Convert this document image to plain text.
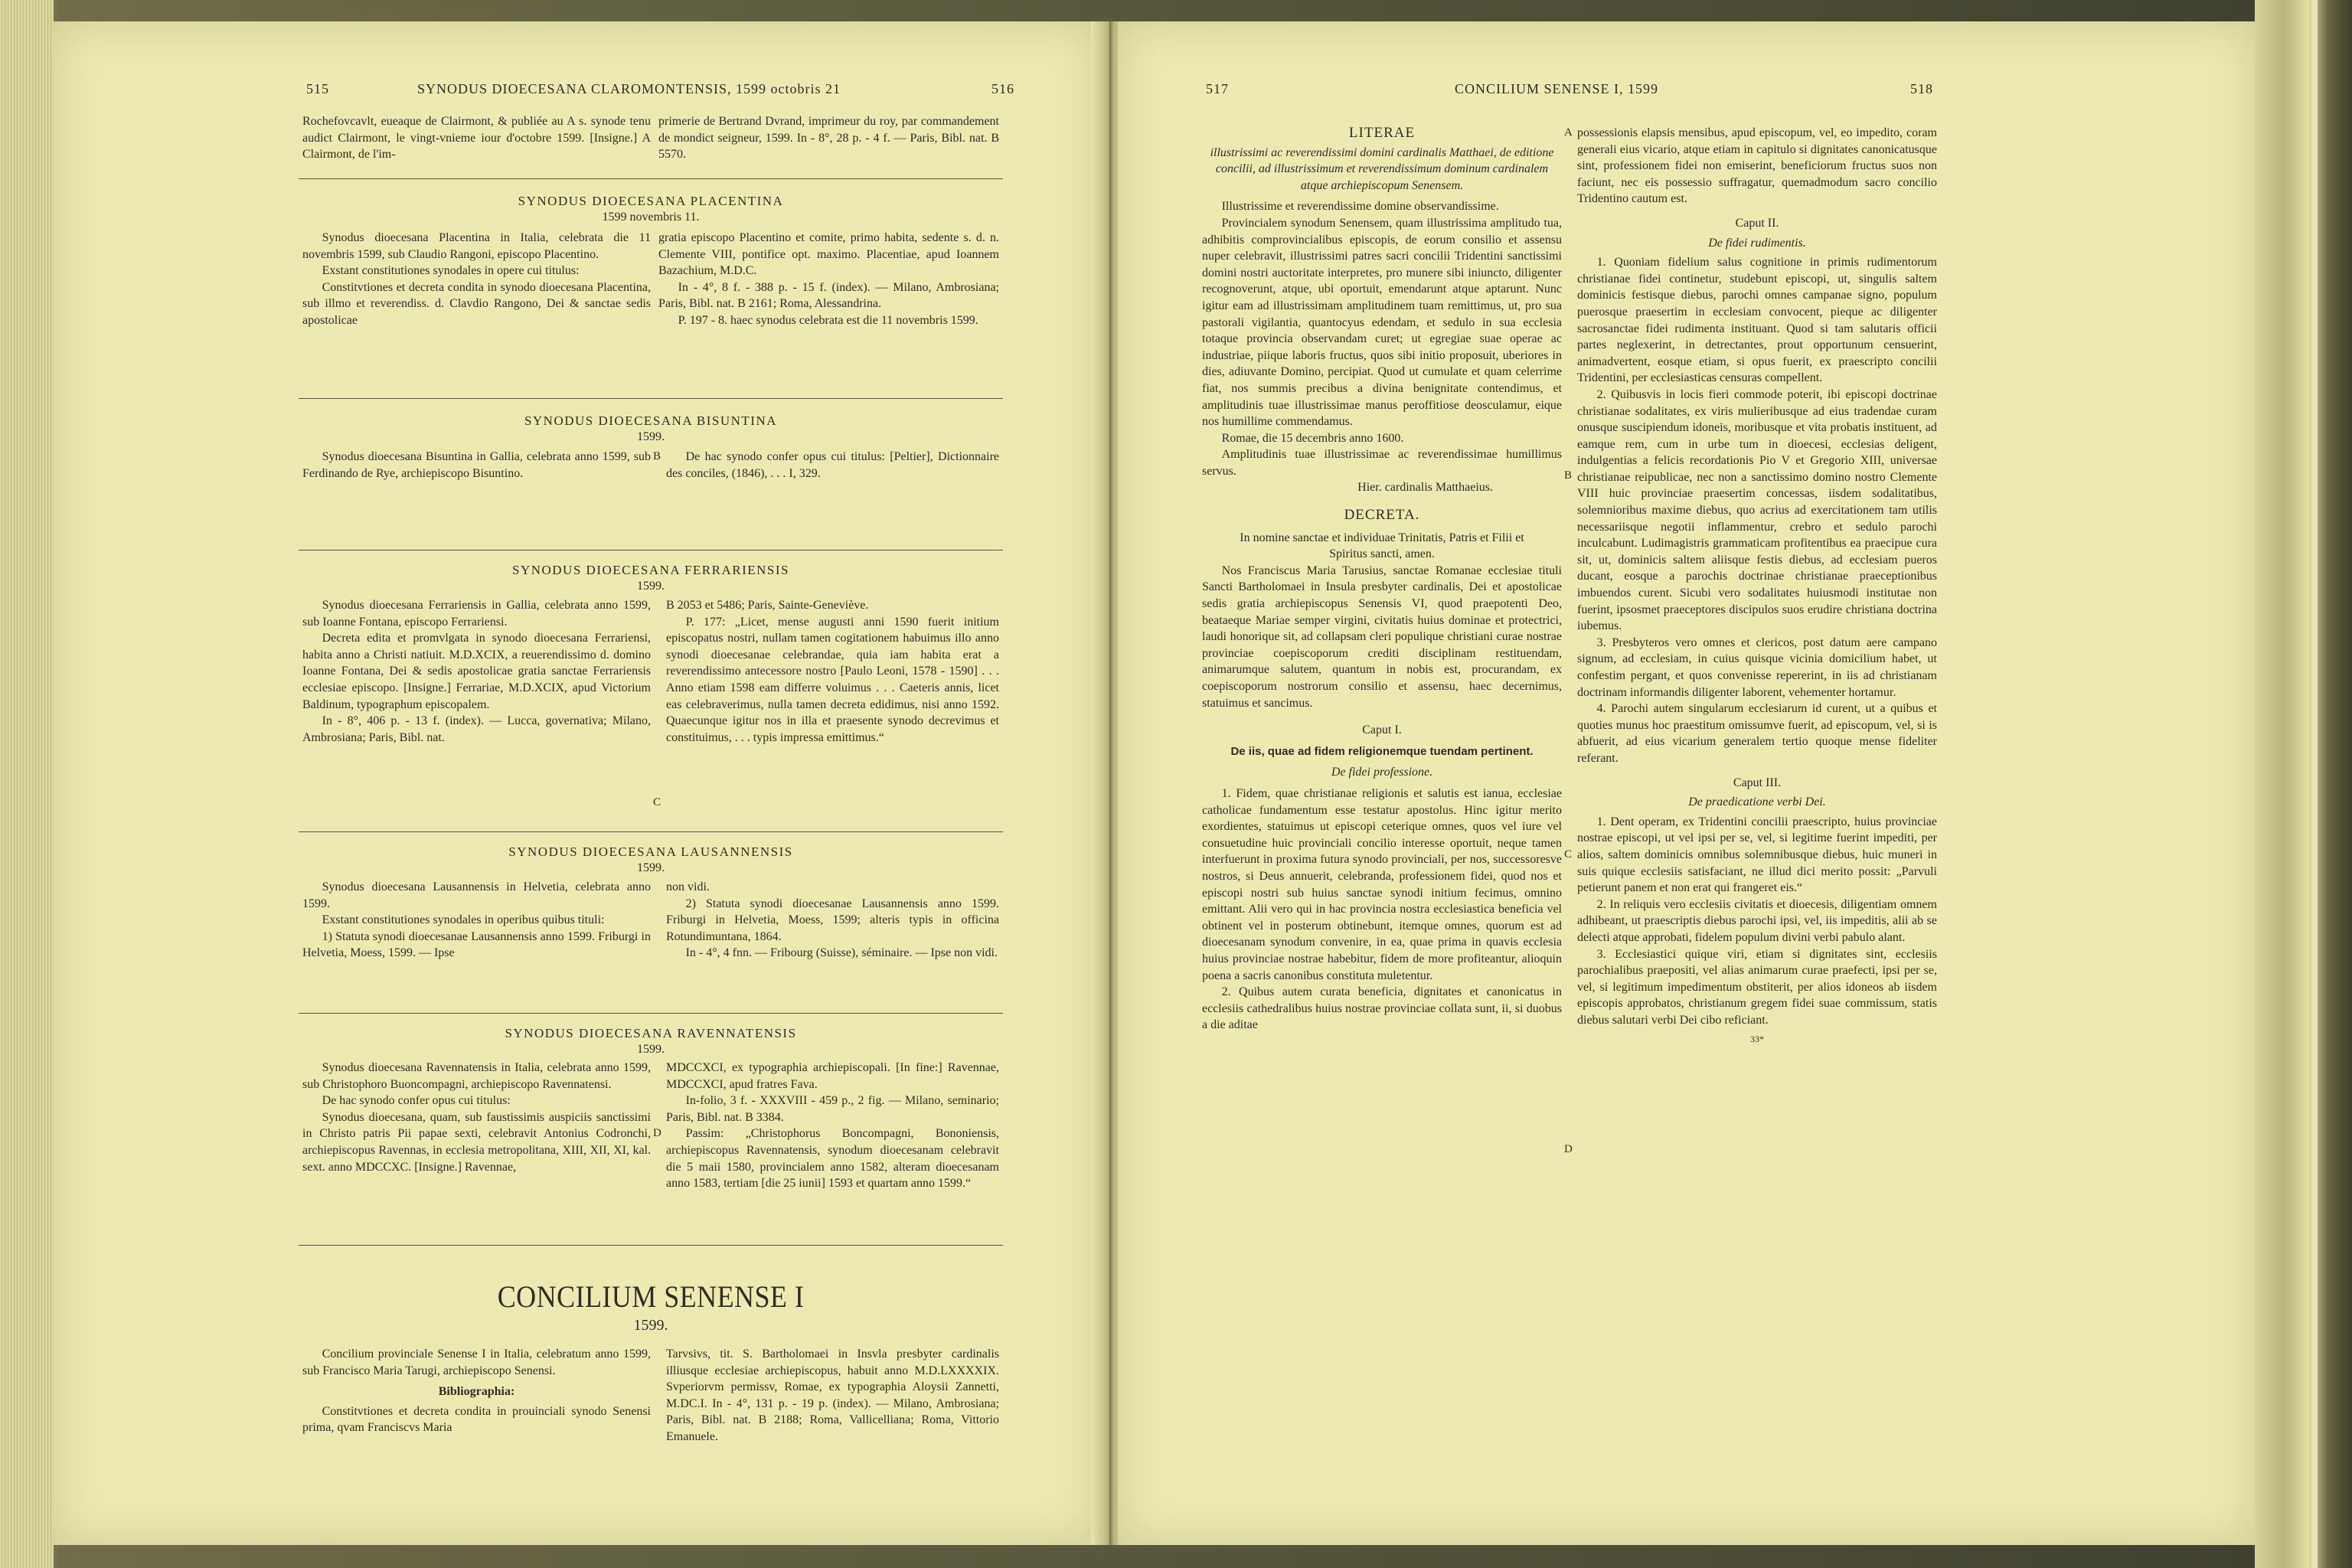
515	SYNODUS DIOECESANA CLAROMONTENSIS, 1599 octobris 21	516
Rochefovcavlt, eueaque de Clairmont, & publiée au A s. synode tenu audict Clairmont, le vingt-vnieme iour d'octobre 1599. [Insigne.] A Clairmont, de l'im-
primerie de Bertrand Dvrand, imprimeur du roy, par commandement de mondict seigneur, 1599. In - 8°, 28 p. - 4 f. — Paris, Bibl. nat. B 5570.
SYNODUS DIOECESANA PLACENTINA
1599 novembris 11.

Synodus dioecesana Placentina in Italia, celebrata die 11 novembris 1599, sub Claudio Rangoni, episcopo Placentino.

Exstant constitutiones synodales in opere cui titulus:

Constitvtiones et decreta condita in synodo dioecesana Placentina, sub illmo et reverendiss. d. Clavdio Rangono, Dei & sanctae sedis apostolicae

gratia episcopo Placentino et comite, primo habita, sedente s. d. n. Clemente VIII, pontifice opt. maximo. Placentiae, apud Ioannem Bazachium, M.D.C.

In - 4°, 8 f. - 388 p. - 15 f. (index). — Milano, Ambrosiana; Paris, Bibl. nat. B 2161; Roma, Alessandrina.

P. 197 - 8. haec synodus celebrata est die 11 novembris 1599.

SYNODUS DIOECESANA BISUNTINA
1599.

Synodus dioecesana Bisuntina in Gallia, celebrata anno 1599, sub Ferdinando de Rye, archiepiscopo Bisuntino.

B	De hac synodo confer opus cui titulus: [Peltier], Dictionnaire des conciles, (1846), . . . I, 329.

SYNODUS DIOECESANA FERRARIENSIS
1599.

Synodus dioecesana Ferrariensis in Gallia, celebrata anno 1599, sub Ioanne Fontana, episcopo Ferrariensi.

Decreta edita et promvlgata in synodo dioecesana Ferrariensi, habita anno a Christi natiuit. M.D.XCIX, a reuerendissimo d. domino Ioanne Fontana, Dei & sedis apostolicae gratia sanctae Ferrariensis ecclesiae episcopo. [Insigne.] Ferrariae, M.D.XCIX, apud Victorium Baldinum, typographum episcopalem.

In - 8°, 406 p. - 13 f. (index). — Lucca, governativa; Milano, Ambrosiana; Paris, Bibl. nat.

C

B 2053 et 5486; Paris, Sainte-Geneviève.

P. 177: „Licet, mense augusti anni 1590 fuerit initium episcopatus nostri, nullam tamen cogitationem habuimus illo anno synodi dioecesanae celebrandae, quia iam habita erat a reverendissimo antecessore nostro [Paulo Leoni, 1578 - 1590] . . . Anno etiam 1598 eam differre voluimus . . . Caeteris annis, licet eas celebraverimus, nulla tamen decreta edidimus, nisi anno 1592. Quaecunque igitur nos in illa et praesente synodo decrevimus et constituimus, . . . typis impressa emittimus.“

SYNODUS DIOECESANA LAUSANNENSIS
1599.

Synodus dioecesana Lausannensis in Helvetia, celebrata anno 1599.

Exstant constitutiones synodales in operibus quibus tituli:

1) Statuta synodi dioecesanae Lausannensis anno 1599. Friburgi in Helvetia, Moess, 1599. — Ipse

non vidi.

2) Statuta synodi dioecesanae Lausannensis anno 1599. Friburgi in Helvetia, Moess, 1599; alteris typis in officina Rotundimuntana, 1864.

In - 4°, 4 fnn. — Fribourg (Suisse), séminaire. — Ipse non vidi.

SYNODUS DIOECESANA RAVENNATENSIS
1599.

Synodus dioecesana Ravennatensis in Italia, celebrata anno 1599, sub Christophoro Buoncompagni, archiepiscopo Ravennatensi.

De hac synodo confer opus cui titulus:

Synodus dioecesana, quam, sub faustissimis auspiciis sanctissimi in Christo patris Pii papae sexti, celebravit Antonius Codronchi, archiepiscopus Ravennas, in ecclesia metropolitana, XIII, XII, XI, kal. sext. anno MDCCXC. [Insigne.] Ravennae,

D

MDCCXCI, ex typographia archiepiscopali. [In fine:] Ravennae, MDCCXCI, apud fratres Fava.

In-folio, 3 f. - XXXVIII - 459 p., 2 fig. — Milano, seminario; Paris, Bibl. nat. B 3384.

Passim: „Christophorus Boncompagni, Bononiensis, archiepiscopus Ravennatensis, synodum dioecesanam celebravit die 5 maii 1580, provincialem anno 1582, alteram dioecesanam anno 1583, tertiam [die 25 iunii] 1593 et quartam anno 1599.“

CONCILIUM SENENSE I
1599.

Concilium provinciale Senense I in Italia, celebratum anno 1599, sub Francisco Maria Tarugi, archiepiscopo Senensi.

Bibliographia:

Constitvtiones et decreta condita in prouinciali synodo Senensi prima, qvam Franciscvs Maria

Tarvsivs, tit. S. Bartholomaei in Insvla presbyter cardinalis illiusque ecclesiae archiepiscopus, habuit anno M.D.LXXXXIX. Svperiorvm permissv, Romae, ex typographia Aloysii Zannetti, M.DC.I. In - 4°, 131 p. - 19 p. (index). — Milano, Ambrosiana; Paris, Bibl. nat. B 2188; Roma, Vallicelliana; Roma, Vittorio Emanuele.

517	CONCILIUM SENENSE I, 1599	518

LITERAE

illustrissimi ac reverendissimi domini cardinalis Matthaei, de editione concilii, ad illustrissimum et reverendissimum dominum cardinalem atque archiepiscopum Senensem.

Illustrissime et reverendissime domine observandissime.

Provincialem synodum Senensem, quam illustrissima amplitudo tua, adhibitis comprovincialibus episcopis, de eorum consilio et assensu nuper celebravit, illustrissimi patres sacri concilii Tridentini sanctissimi domini nostri auctoritate interpretes, pro munere sibi iniuncto, diligenter recognoverunt, atque, ubi oportuit, emendarunt atque aptarunt. Nunc igitur eam ad illustrissimam amplitudinem tuam remittimus, ut, pro sua pastorali vigilantia, quantocyus edendam, et sedulo in sua ecclesia totaque provincia observandam curet; ut egregiae suae operae ac industriae, piique laboris fructus, quos sibi initio proposuit, uberiores in dies, adiuvante Domino, percipiat. Quod ut cumulate et quam celerrime fiat, nos summis precibus a divina benignitate contendimus, et amplitudinis tuae illustrissimae manus peroffitiose deosculamur, eique nos humillime commendamus.

Romae, die 15 decembris anno 1600.

Amplitudinis tuae illustrissimae ac reverendissimae humillimus servus.

Hier. cardinalis Matthaeius.

DECRETA.

In nomine sanctae et individuae Trinitatis, Patris et Filii et Spiritus sancti, amen.

Nos Franciscus Maria Tarusius, sanctae Romanae ecclesiae tituli Sancti Bartholomaei in Insula presbyter cardinalis, Dei et apostolicae sedis gratia archiepiscopus Senensis VI, quod praepotenti Deo, beataeque Mariae semper virgini, civitatis huius dominae et protectrici, laudi honorique sit, ad collapsam cleri populique christiani curae nostrae provinciae coepiscoporum crediti disciplinam restituendam, animarumque salutem, quantum in nobis est, procurandam, ex coepiscoporum nostrorum consilio et assensu, haec decernimus, statuimus et sancimus.

Caput I.

De iis, quae ad fidem religionemque tuendam pertinent.

De fidei professione.

1. Fidem, quae christianae religionis et salutis est ianua, ecclesiae catholicae fundamentum esse testatur apostolus. Hinc igitur merito exordientes, statuimus ut episcopi ceterique omnes, quos vel iure vel consuetudine huic provinciali concilio interesse oportuit, neque tamen interfuerunt in proxima futura synodo provinciali, per nos, successoresve nostros, si Deus annuerit, celebranda, professionem fidei, quod nos et episcopi nostri sub huius sanctae synodi initium fecimus, omnino emittant. Alii vero qui in hac provincia nostra ecclesiastica beneficia vel obtinent vel in posterum obtinebunt, itemque omnes, quorum est ad dioecesanam synodum convenire, in ea, quae prima in quavis ecclesia huius provinciae nostrae habebitur, fidem de more profiteantur, alioquin poena a sacris canonibus constituta muletentur.

2. Quibus autem curata beneficia, dignitates et canonicatus in ecclesiis cathedralibus huius nostrae provinciae collata sunt, ii, si duobus a die aditae

B
C
D
A possessionis elapsis mensibus, apud episcopum, vel, eo impedito, coram generali eius vicario, atque etiam in capitulo si dignitates canonicatusque sint, professionem fidei non emiserint, beneficiorum fructus suos non faciunt, nec eis possessio suffragatur, quemadmodum sacro concilio Tridentino cautum est.

Caput II.

De fidei rudimentis.

1. Quoniam fidelium salus cognitione in primis rudimentorum christianae fidei continetur, studebunt episcopi, ut, singulis saltem dominicis festisque diebus, parochi omnes campanae signo, populum puerosque praesertim in ecclesiam convocent, pieque ac diligenter sacrosanctae fidei rudimenta instituant. Quod si tam salutaris officii partes neglexerint, in detrectantes, prout opportunum censuerint, animadvertent, eosque etiam, si opus fuerit, ex praescripto concilii Tridentini, per ecclesiasticas censuras compellent.

2. Quibusvis in locis fieri commode poterit, ibi episcopi doctrinae christianae sodalitates, ex viris mulieribusque ad eius tradendae curam onusque suscipiendum idoneis, moribusque et vita probatis instituent, ad eamque rem, cum in urbe tum in dioecesi, ecclesias deligent, indulgentias a felicis recordationis Pio V et Gregorio XIII, universae christianae reipublicae, nec non a sanctissimo domino nostro Clemente VIII huic provinciae praesertim concessas, iisdem sodalitatibus, solemnioribus maxime diebus, quo acrius ad exercitationem tam utilis necessariisque negotii inflammentur, crebro et sedulo parochi inculcabunt. Ludimagistris grammaticam profitentibus ea praecipue cura sit, ut, dominicis saltem aliisque festis diebus, ad ecclesiam pueros ducant, eosque a parochis doctrinae christianae praeceptionibus imbuendos curent. Sicubi vero sodalitates huiusmodi institutae non fuerint, ipsosmet praeceptores discipulos suos erudire christiana doctrina iubemus.

3. Presbyteros vero omnes et clericos, post datum aere campano signum, ad ecclesiam, in cuius quisque vicinia domicilium habet, ut confestim pergant, et quos convenisse repererint, in iis ad christianam doctrinam informandis diligenter laborent, vehementer hortamur.

4. Parochi autem singularum ecclesiarum id curent, ut a quibus et quoties munus hoc praestitum omissumve fuerit, ad episcopum, vel, si is abfuerit, ad eius vicarium generalem tertio quoque mense fideliter referant.

Caput III.

De praedicatione verbi Dei.

1. Dent operam, ex Tridentini concilii praescripto, huius provinciae nostrae episcopi, ut vel ipsi per se, vel, si legitime fuerint impediti, per alios, saltem dominicis omnibus solemnibusque diebus, huic muneri in suis quique ecclesiis satisfaciant, ne illud dici merito possit: „Parvuli petierunt panem et non erat qui frangeret eis.“

2. In reliquis vero ecclesiis civitatis et dioecesis, diligentiam omnem adhibeant, ut praescriptis diebus parochi ipsi, vel, iis impeditis, alii ab se delecti atque approbati, fidelem populum divini verbi pabulo alant.

3. Ecclesiastici quique viri, etiam si dignitates sint, ecclesiis parochialibus praepositi, vel alias animarum curae praefecti, ipsi per se, vel, si legitimum impedimentum obstiterit, per alios idoneos ab iisdem episcopis approbatos, christianum gregem fidei suae commissum, statis diebus salutari verbi Dei cibo reficiant.

33*
